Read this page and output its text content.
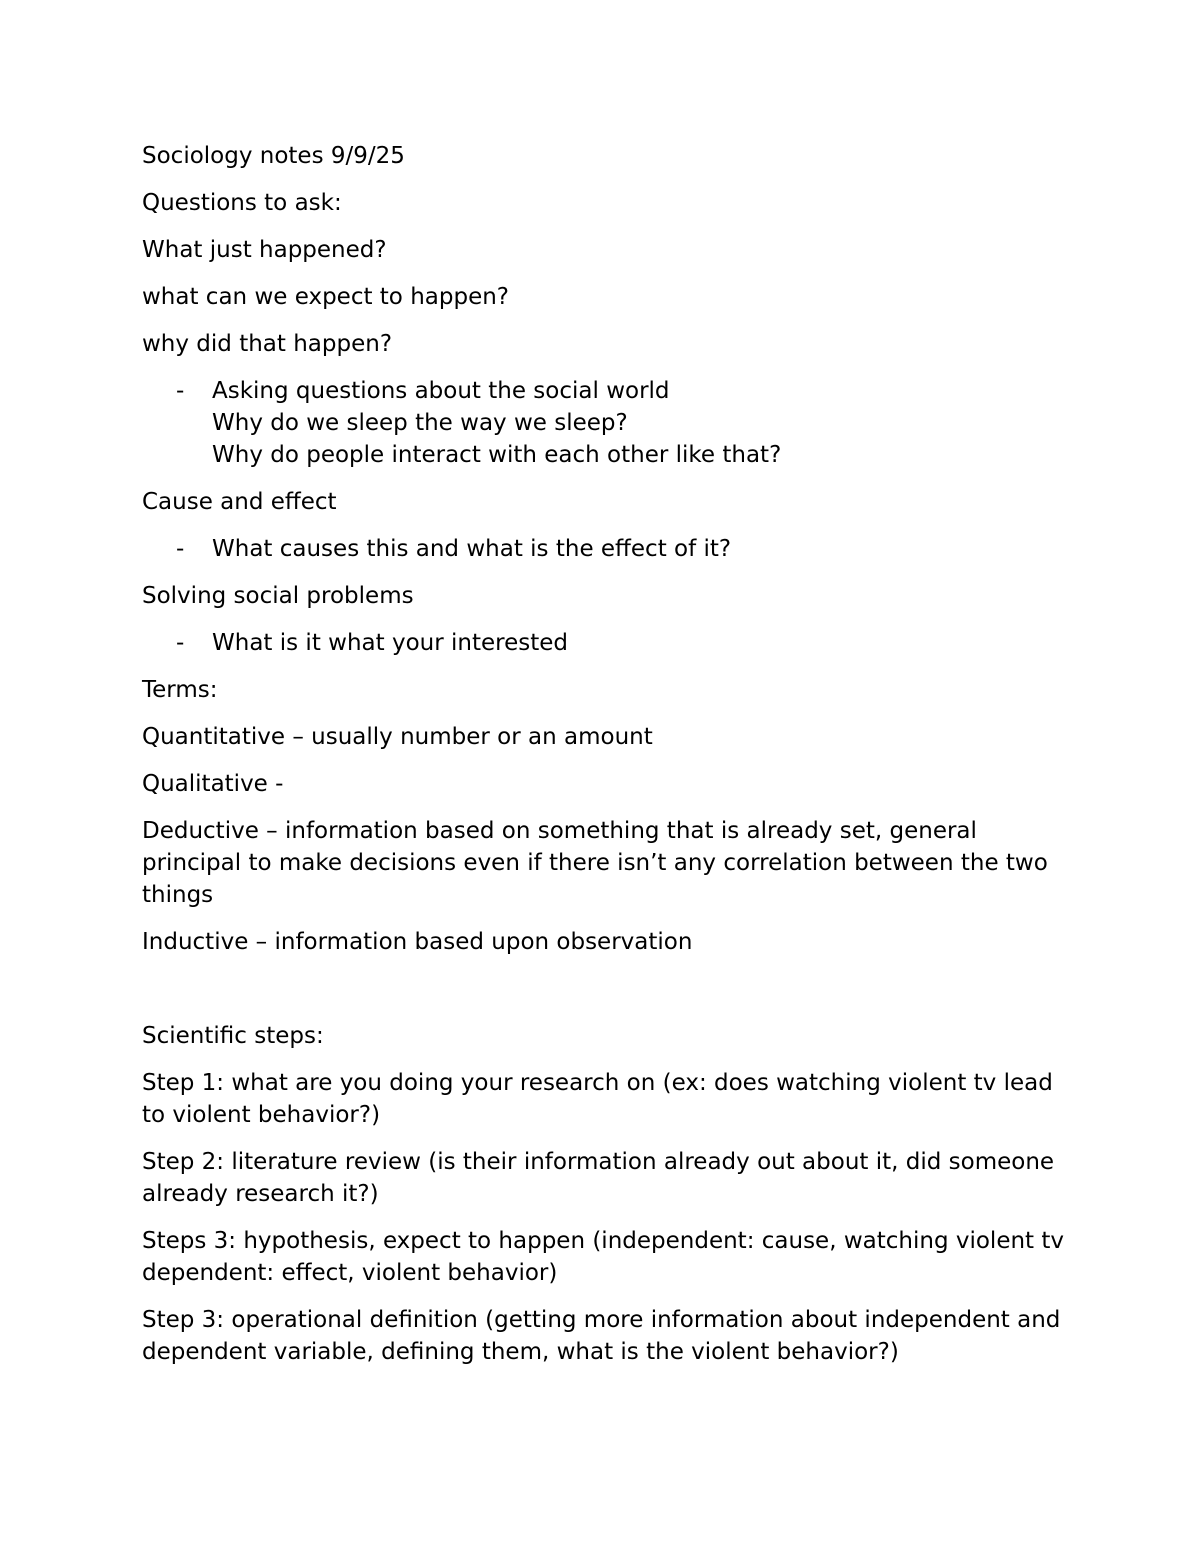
Sociology notes 9/9/25
Questions to ask:
What just happened?
what can we expect to happen?
why did that happen?
- Asking questions about the social world
Why do we sleep the way we sleep?
Why do people interact with each other like that?
Cause and effect
- What causes this and what is the effect of it?
Solving social problems
- What is it what your interested
Terms:
Quantitative – usually number or an amount
Qualitative -
Deductive – information based on something that is already set, general principal to make decisions even if there isn’t any correlation between the two things
Inductive – information based upon observation
Scientific steps:
Step 1: what are you doing your research on (ex: does watching violent tv lead to violent behavior?)
Step 2: literature review (is their information already out about it, did someone already research it?)
Steps 3: hypothesis, expect to happen (independent: cause, watching violent tv dependent: effect, violent behavior)
Step 3: operational definition (getting more information about independent and dependent variable, defining them, what is the violent behavior?)
